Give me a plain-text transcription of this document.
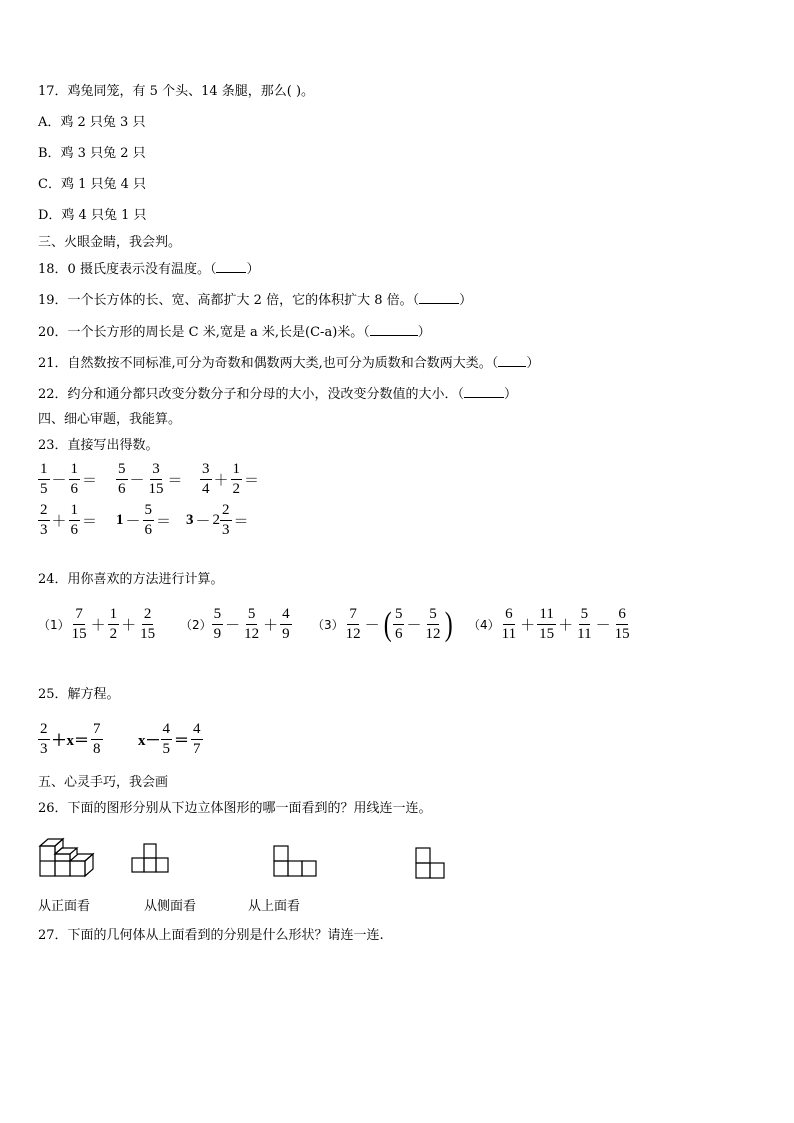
17．鸡兔同笼，有 5 个头、14 条腿，那么( )。
A．鸡 2 只兔 3 只
B．鸡 3 只兔 2 只
C．鸡 1 只兔 4 只
D．鸡 4 只兔 1 只
三、火眼金睛，我会判。
18．0 摄氏度表示没有温度。（ ）
19．一个长方体的长、宽、高都扩大 2 倍，它的体积扩大 8 倍。（	）
20．一个长方形的周长是 C 米,宽是 a 米,长是(C-a)米。（	）
21．自然数按不同标准,可分为奇数和偶数两大类,也可分为质数和合数两大类。（ ）
22．约分和通分都只改变分数分子和分母的大小，没改变分数值的大小．（	）
四、细心审题，我能算。
23．直接写出得数。
$\frac{1}{5} - \frac{1}{6} = \frac{5}{6} - \frac{3}{15} = \frac{3}{4} + \frac{1}{2}$ ＝
$\frac{2}{3} + \frac{1}{6} = 1 - \frac{5}{6} = 3 - 2 \frac{2}{3}$ ＝
24．用你喜欢的方法进行计算。
$(1) \frac{7}{15} + \frac{1}{2} + \frac{2}{15} (2) \frac{5}{9} - \frac{5}{12} + \frac{4}{9} (3) \frac{7}{12}$ － ( $\frac{5}{6} - \frac{5}{12}$ ) $(4) \frac{6}{11} + \frac{11}{15} + \frac{5}{11} - \frac{6}{15}$
25．解方程。
$\frac{2}{3} +x= \frac{7}{8} x- \frac{4}{5} = \frac{4}{7}$
五、心灵手巧，我会画
26．下面的图形分别从下边立体图形的哪一面看到的？用线连一连。
从正面看	从侧面看	从上面看
27．下面的几何体从上面看到的分别是什么形状？请连一连.
